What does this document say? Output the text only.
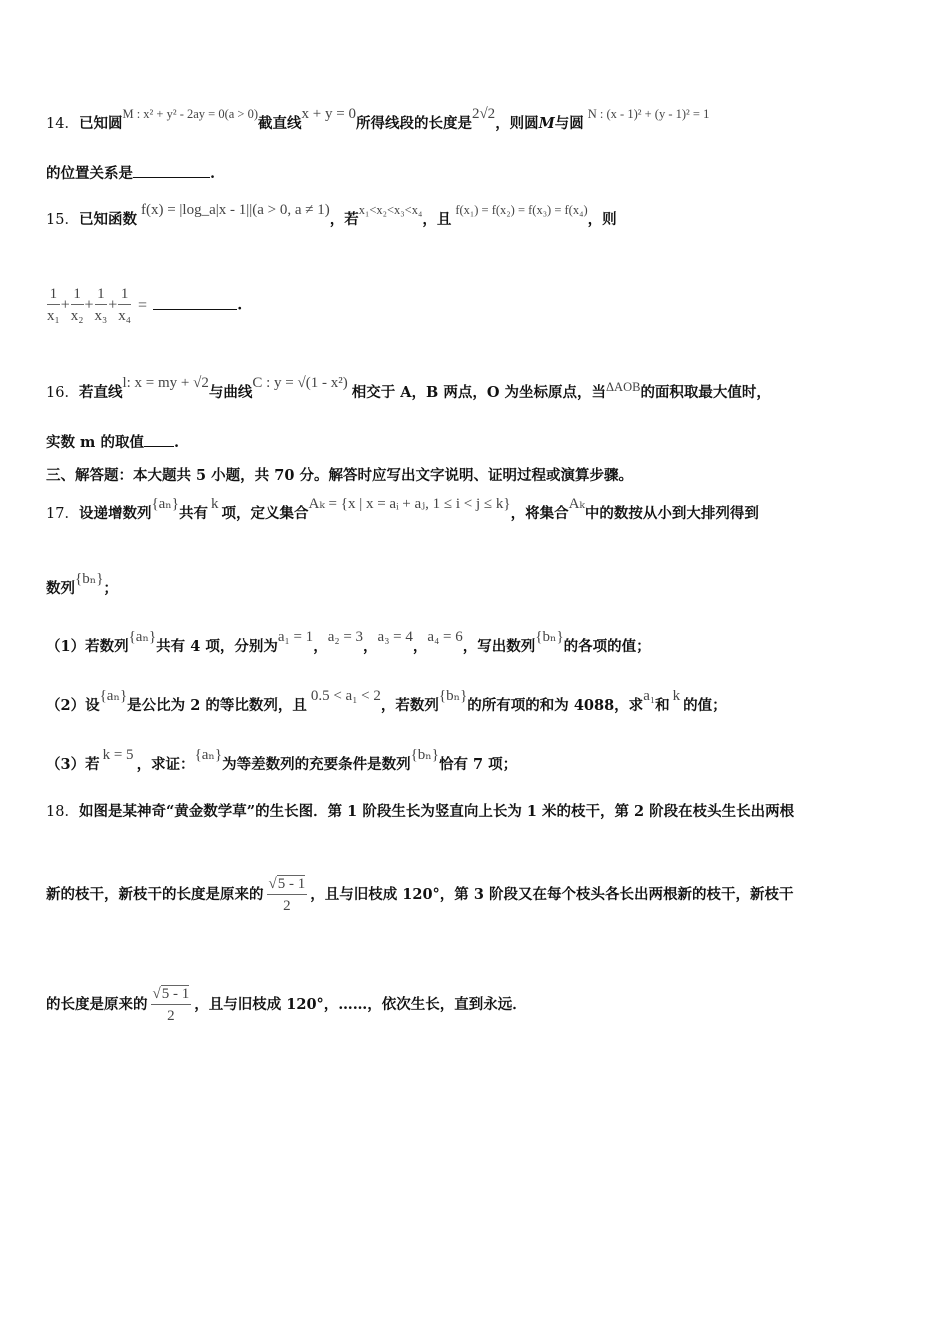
14．已知圆M : x² + y² - 2ay = 0(a > 0)截直线x + y = 0所得线段的长度是2√2，则圆M与圆N : (x - 1)² + (y - 1)² = 1
的位置关系是	.
15．已知函数f(x) = |log_a|x - 1||(a > 0, a ≠ 1)，若x₁<x₂<x₃<x₄，且f(x₁) = f(x₂) = f(x₃) = f(x₄)，则
$\frac{1}{\text{x₁}} + \frac{1}{\text{x₂}} + \frac{1}{\text{x₃}} + \frac{1}{\text{x₄}}$ =	.
16．若直线l: x = my + √2与曲线C : y = √(1 - x²)相交于 A，B 两点，O 为坐标原点，当ΔAOB的面积取最大值时，
实数 m 的取值 .
三、解答题：本大题共 5 小题，共 70 分。解答时应写出文字说明、证明过程或演算步骤。
17．设递增数列{aₙ}共有k项，定义集合Aₖ = {x | x = aᵢ + aⱼ, 1 ≤ i < j ≤ k}，将集合Aₖ中的数按从小到大排列得到
数列{bₙ}；
（1）若数列{aₙ}共有 4 项，分别为a₁ = 1，a₂ = 3，a₃ = 4，a₄ = 6，写出数列{bₙ}的各项的值；
（2）设{aₙ}是公比为 2 的等比数列，且0.5 < a₁ < 2，若数列{bₙ}的所有项的和为 4088，求a₁和k的值；
（3）若k = 5，求证：{aₙ}为等差数列的充要条件是数列{bₙ}恰有 7 项；
18．如图是某神奇“黄金数学草”的生长图．第 1 阶段生长为竖直向上长为 1 米的枝干，第 2 阶段在枝头生长出两根
新的枝干，新枝干的长度是原来的 $\frac{√5 - 1}{2}$ ，且与旧枝成 120°，第 3 阶段又在每个枝头各长出两根新的枝干，新枝干
的长度是原来的 $\frac{√5 - 1}{2}$ ，且与旧枝成 120°，……，依次生长，直到永远．
